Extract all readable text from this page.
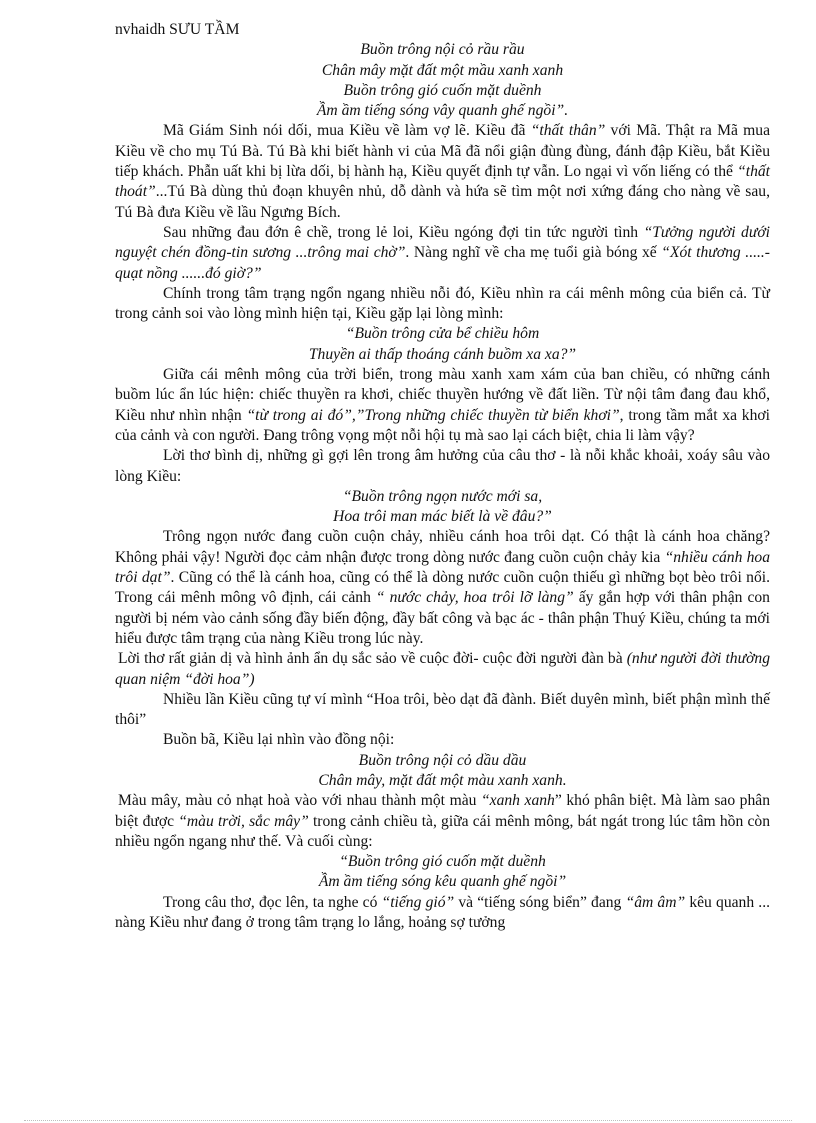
nvhaidh SƯU TẦM

Buồn trông nội cỏ rầu rầu

Chân mây mặt đất một mầu xanh xanh

Buồn trông gió cuốn mặt duềnh

Ầm ầm tiếng sóng vây quanh ghế ngồi”.

Mã Giám Sinh nói dối, mua Kiều về làm vợ lẽ. Kiều đã “thất thân” với Mã. Thật ra Mã mua Kiều về cho mụ Tú Bà. Tú Bà khi biết hành vi của Mã đã nổi giận đùng đùng, đánh đập Kiều, bắt Kiều tiếp khách. Phẫn uất khi bị lừa dối, bị hành hạ, Kiều quyết định tự vẫn. Lo ngại vì vốn liếng có thể “thất thoát”...Tú Bà dùng thủ đoạn khuyên nhủ, dỗ dành và hứa sẽ tìm một nơi xứng đáng cho nàng về sau, Tú Bà đưa Kiều về lầu Ngưng Bích.

Sau những đau đớn ê chề, trong lẻ loi, Kiều ngóng đợi tin tức người tình “Tưởng người dưới nguyệt chén đồng-tin sương ...trông mai chờ”. Nàng nghĩ về cha mẹ tuổi già bóng xế “Xót thương .....-quạt nồng ......đó giờ?”

Chính trong tâm trạng ngổn ngang nhiều nỗi đó, Kiều nhìn ra cái mênh mông của biển cả. Từ trong cảnh soi vào lòng mình hiện tại, Kiều gặp lại lòng mình:

“Buồn trông cửa bể chiều hôm

Thuyền ai thấp thoáng cánh buồm xa xa?”

Giữa cái mênh mông của trời biển, trong màu xanh xam xám của ban chiều, có những cánh buồm lúc ẩn lúc hiện: chiếc thuyền ra khơi, chiếc thuyền hướng về đất liền. Từ nội tâm đang đau khổ, Kiều như nhìn nhận “từ trong ai đó”,”Trong những chiếc thuyền từ biển khơi”, trong tầm mắt xa khơi của cảnh và con người. Đang trông vọng một nỗi hội tụ mà sao lại cách biệt, chia li làm vậy?

Lời thơ bình dị, những gì gợi lên trong âm hưởng của câu thơ - là nỗi khắc khoải, xoáy sâu vào lòng Kiều:

“Buồn trông ngọn nước mới sa,

Hoa trôi man mác biết là về đâu?”

Trông ngọn nước đang cuồn cuộn chảy, nhiều cánh hoa trôi dạt. Có thật là cánh hoa chăng? Không phải vậy! Người đọc cảm nhận được trong dòng nước đang cuồn cuộn chảy kia “nhiều cánh hoa trôi dạt”. Cũng có thể là cánh hoa, cũng có thể là dòng nước cuồn cuộn thiếu gì những bọt bèo trôi nổi. Trong cái mênh mông vô định, cái cảnh “ nước chảy, hoa trôi lỡ làng” ấy gắn hợp với thân phận con người bị ném vào cảnh sống đầy biến động, đầy bất công và bạc ác - thân phận Thuý Kiều, chúng ta mới hiểu được tâm trạng của nàng Kiều trong lúc này.

Lời thơ rất giản dị và hình ảnh ẩn dụ sắc sảo về cuộc đời- cuộc đời người đàn bà (như người đời thường quan niệm “đời hoa”)

Nhiều lần Kiều cũng tự ví mình “Hoa trôi, bèo dạt đã đành. Biết duyên mình, biết phận mình thế thôi”

Buồn bã, Kiều lại nhìn vào đồng nội:

Buồn trông nội cỏ dầu dầu

Chân mây, mặt đất một màu xanh xanh.

Màu mây, màu cỏ nhạt hoà vào với nhau thành một màu “xanh xanh” khó phân biệt. Mà làm sao phân biệt được “màu trời, sắc mây” trong cảnh chiều tà, giữa cái mênh mông, bát ngát trong lúc tâm hồn còn nhiều ngổn ngang như thế. Và cuối cùng:

“Buồn trông gió cuốn mặt duềnh

Ầm ầm tiếng sóng kêu quanh ghế ngồi”

Trong câu thơ, đọc lên, ta nghe có “tiếng gió” và “tiếng sóng biển” đang “âm âm” kêu quanh ... nàng Kiều như đang ở trong tâm trạng lo lắng, hoảng sợ tưởng
